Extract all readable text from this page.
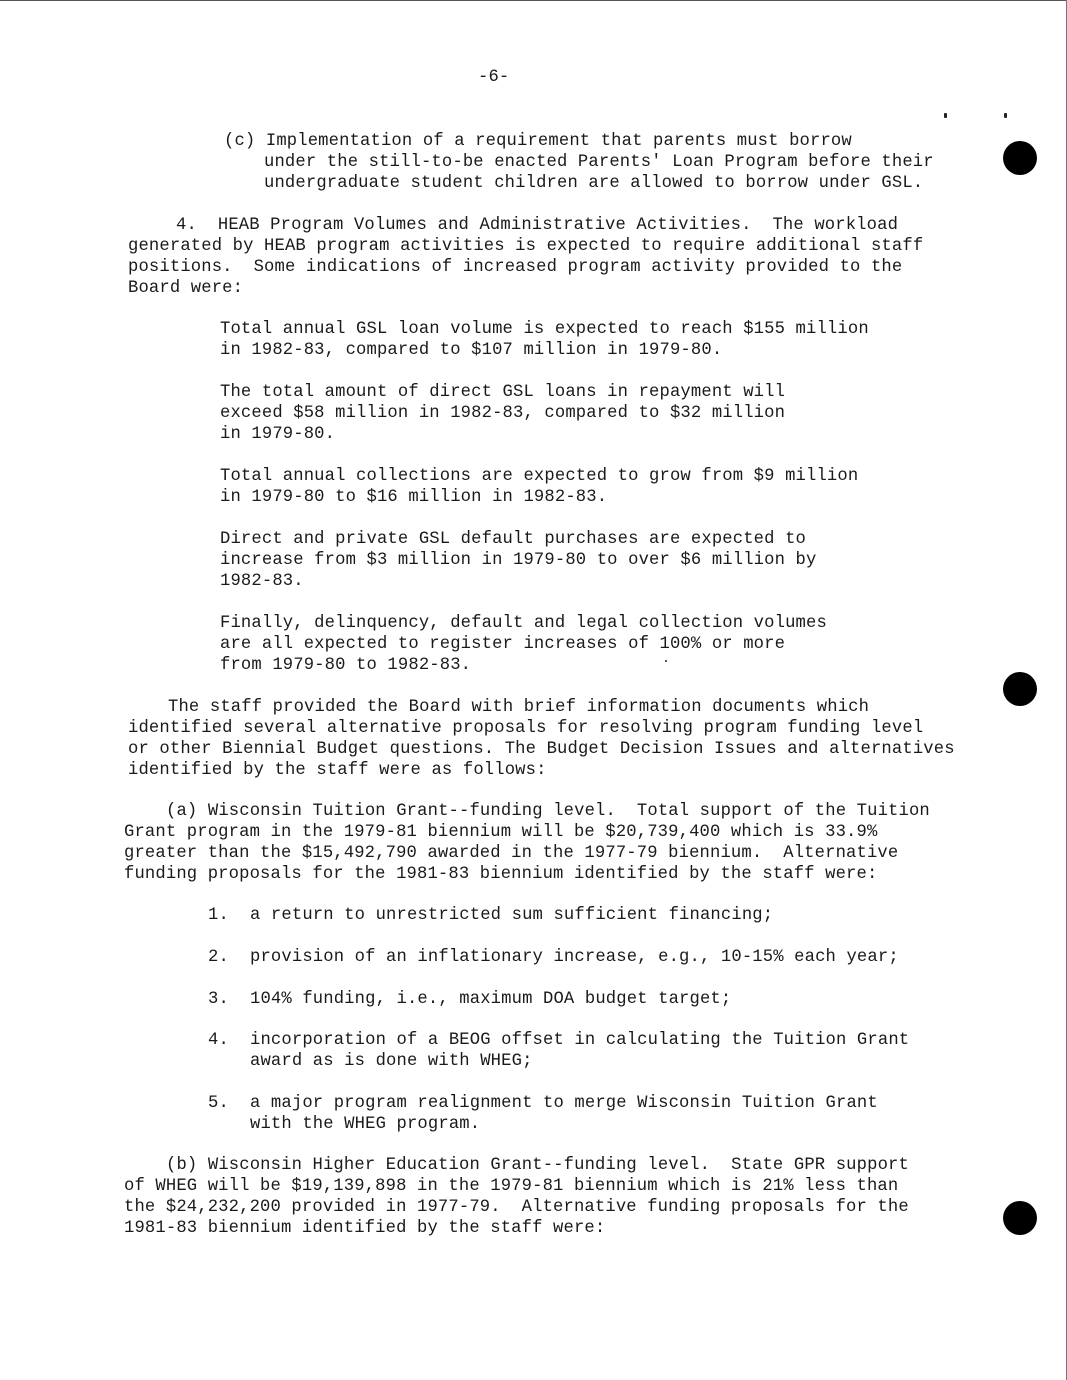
-6-
(c) Implementation of a requirement that parents must borrow
under the still-to-be enacted Parents' Loan Program before their
undergraduate student children are allowed to borrow under GSL.
4.  HEAB Program Volumes and Administrative Activities.  The workload
generated by HEAB program activities is expected to require additional staff
positions.  Some indications of increased program activity provided to the
Board were:
Total annual GSL loan volume is expected to reach $155 million
in 1982-83, compared to $107 million in 1979-80.
The total amount of direct GSL loans in repayment will
exceed $58 million in 1982-83, compared to $32 million
in 1979-80.
Total annual collections are expected to grow from $9 million
in 1979-80 to $16 million in 1982-83.
Direct and private GSL default purchases are expected to
increase from $3 million in 1979-80 to over $6 million by
1982-83.
Finally, delinquency, default and legal collection volumes
are all expected to register increases of 100% or more
from 1979-80 to 1982-83.
The staff provided the Board with brief information documents which
identified several alternative proposals for resolving program funding level
or other Biennial Budget questions. The Budget Decision Issues and alternatives
identified by the staff were as follows:
(a) Wisconsin Tuition Grant--funding level.  Total support of the Tuition
Grant program in the 1979-81 biennium will be $20,739,400 which is 33.9%
greater than the $15,492,790 awarded in the 1977-79 biennium.  Alternative
funding proposals for the 1981-83 biennium identified by the staff were:
1. a return to unrestricted sum sufficient financing;
2. provision of an inflationary increase, e.g., 10-15% each year;
3. 104% funding, i.e., maximum DOA budget target;
4. incorporation of a BEOG offset in calculating the Tuition Grant
award as is done with WHEG;
5. a major program realignment to merge Wisconsin Tuition Grant
with the WHEG program.
(b) Wisconsin Higher Education Grant--funding level.  State GPR support
of WHEG will be $19,139,898 in the 1979-81 biennium which is 21% less than
the $24,232,200 provided in 1977-79.  Alternative funding proposals for the
1981-83 biennium identified by the staff were:
